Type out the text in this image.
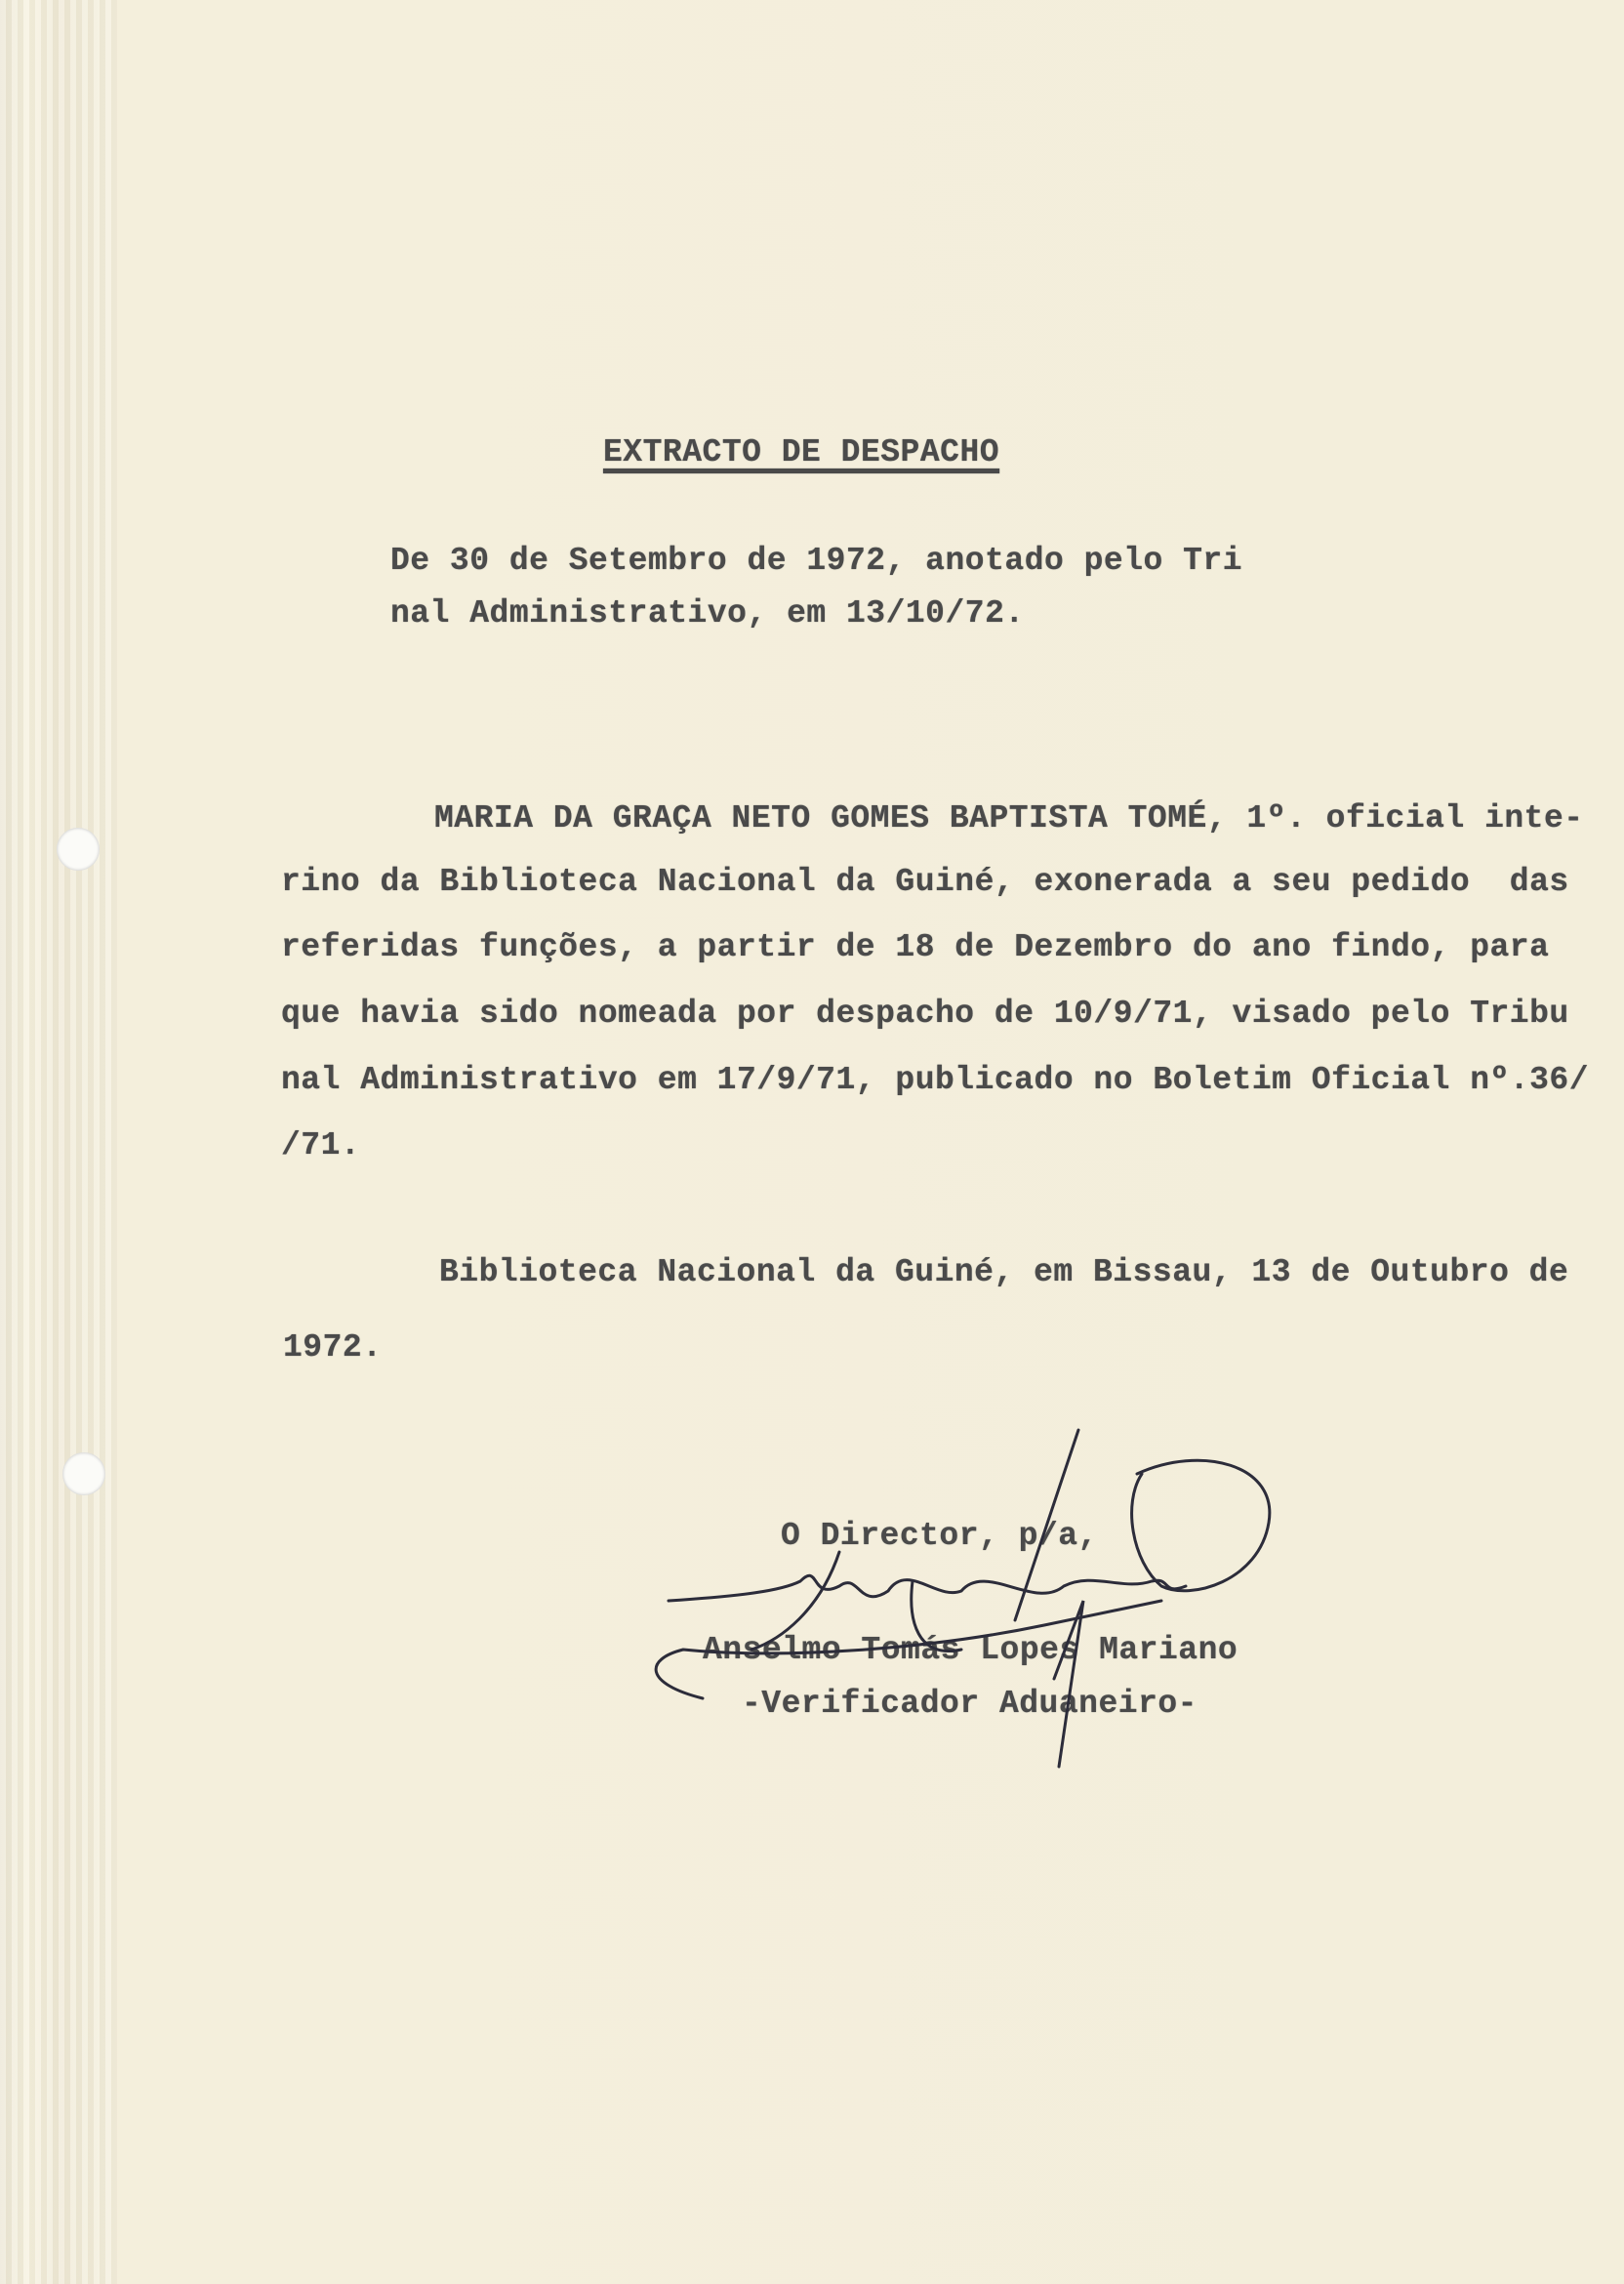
EXTRACTO DE DESPACHO
De 30 de Setembro de 1972, anotado pelo Tri
nal Administrativo, em 13/10/72.
MARIA DA GRAÇA NETO GOMES BAPTISTA TOMÉ, 1º. oficial inte-
rino da Biblioteca Nacional da Guiné, exonerada a seu pedido  das
referidas funções, a partir de 18 de Dezembro do ano findo, para
que havia sido nomeada por despacho de 10/9/71, visado pelo Tribu
nal Administrativo em 17/9/71, publicado no Boletim Oficial nº.36/
/71.
Biblioteca Nacional da Guiné, em Bissau, 13 de Outubro de
1972.
O Director, p/a,
Anselmo Tomás Lopes Mariano
-Verificador Aduaneiro-
